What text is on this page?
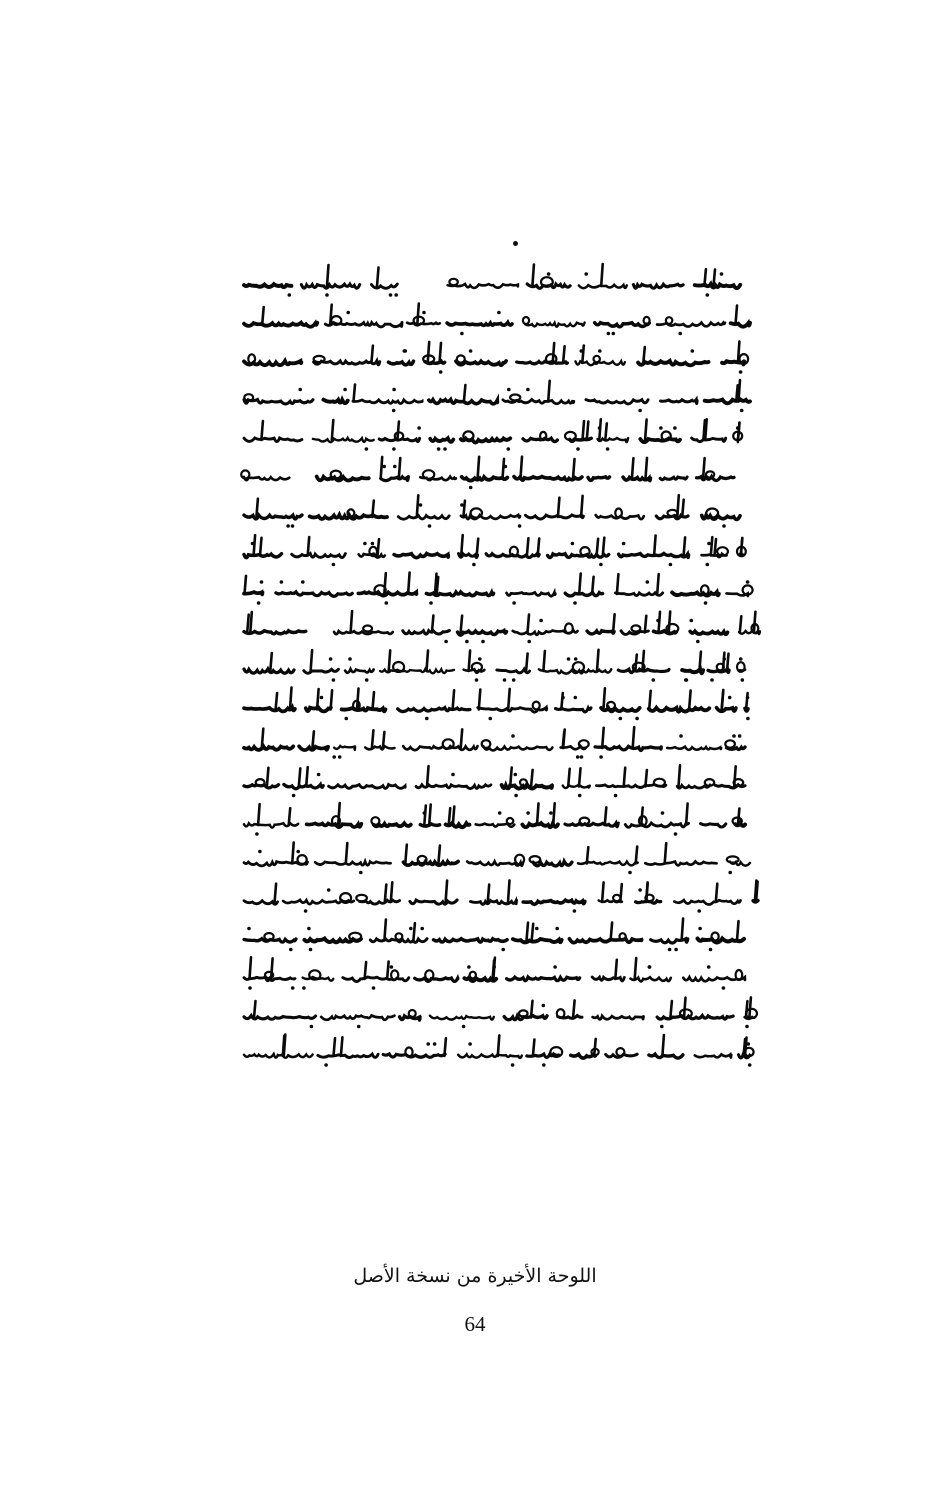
اللوحة الأخيرة من نسخة الأصل
64
